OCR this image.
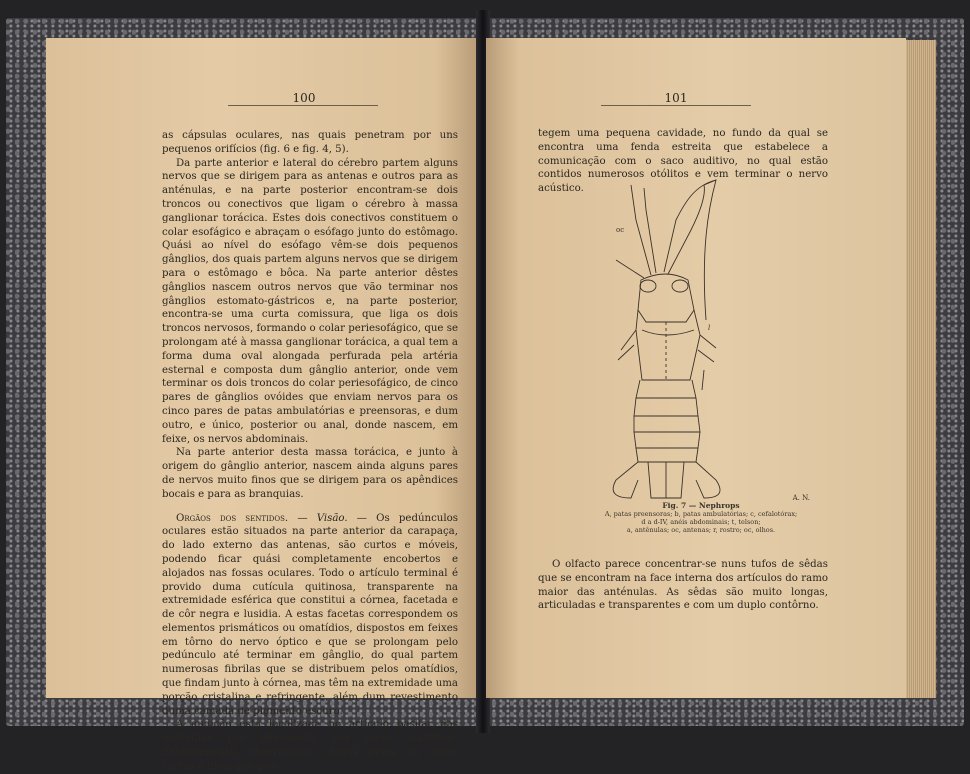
100

as cápsulas oculares, nas quais penetram por uns pequenos orifícios (fig. 6 e fig. 4, 5).

Da parte anterior e lateral do cérebro partem alguns nervos que se dirigem para as antenas e outros para as anténulas, e na parte posterior encontram-se dois troncos ou conectivos que ligam o cérebro à massa ganglionar torácica. Estes dois conectivos constituem o colar esofágico e abraçam o esófago junto do estômago. Quási ao nível do esófago vêm-se dois pequenos gânglios, dos quais partem alguns nervos que se dirigem para o estômago e bôca. Na parte anterior dêstes gânglios nascem outros nervos que vão terminar nos gânglios estomato-gástricos e, na parte posterior, encontra-se uma curta comissura, que liga os dois troncos nervosos, formando o colar periesofágico, que se prolongam até à massa ganglionar torácica, a qual tem a forma duma oval alongada perfurada pela artéria esternal e composta dum gânglio anterior, onde vem terminar os dois troncos do colar periesofágico, de cinco pares de gânglios ovóides que enviam nervos para os cinco pares de patas ambulatórias e preensoras, e dum outro, e único, posterior ou anal, donde nascem, em feixe, os nervos abdominais.

Na parte anterior desta massa torácica, e junto à origem do gânglio anterior, nascem ainda alguns pares de nervos muito finos que se dirigem para os apêndices bocais e para as branquias.

Orgãos dos sentidos. — Visão. — Os pedúnculos oculares estão situados na parte anterior da carapaça, do lado externo das antenas, são curtos e móveis, podendo ficar quási completamente encobertos e alojados nas fossas oculares. Todo o artículo terminal é provido duma cutícula quitinosa, transparente na extremidade esférica que constitui a córnea, facetada e de côr negra e lusidia. A estas facetas correspondem os elementos prismáticos ou omatídios, dispostos em feixes em tôrno do nervo óptico e que se prolongam pelo pedúnculo até terminar em gânglio, do qual partem numerosas fibrilas que se distribuem pelos omatídios, que findam junto à córnea, mas têm na extremidade uma porção cristalina e refringente, além dum revestimento duma camada de pigmento escuro.

A audição está localizada no artículo basilar das anténulas por intermédio dos sacos auditivos. Externamente, observam-se alguns pêlos ou sêdas curtas e finas que pro-

101

tegem uma pequena cavidade, no fundo da qual se encontra uma fenda estreita que estabelece a comunicação com o saco auditivo, no qual estão contidos numerosos otólitos e vem terminar o nervo acústico.

oc
l
A. N.
Fig. 7 — Nephrops
A, patas preensoras; b, patas ambulatórias; c, cefalotórax;
d a d-IV, anéis abdominais; t, telson;
a, antênulas; oc, antenas; r, rostro; oc, olhos.

O olfacto parece concentrar-se nuns tufos de sêdas que se encontram na face interna dos artículos do ramo maior das anténulas. As sêdas são muito longas, articuladas e transparentes e com um duplo contôrno.
